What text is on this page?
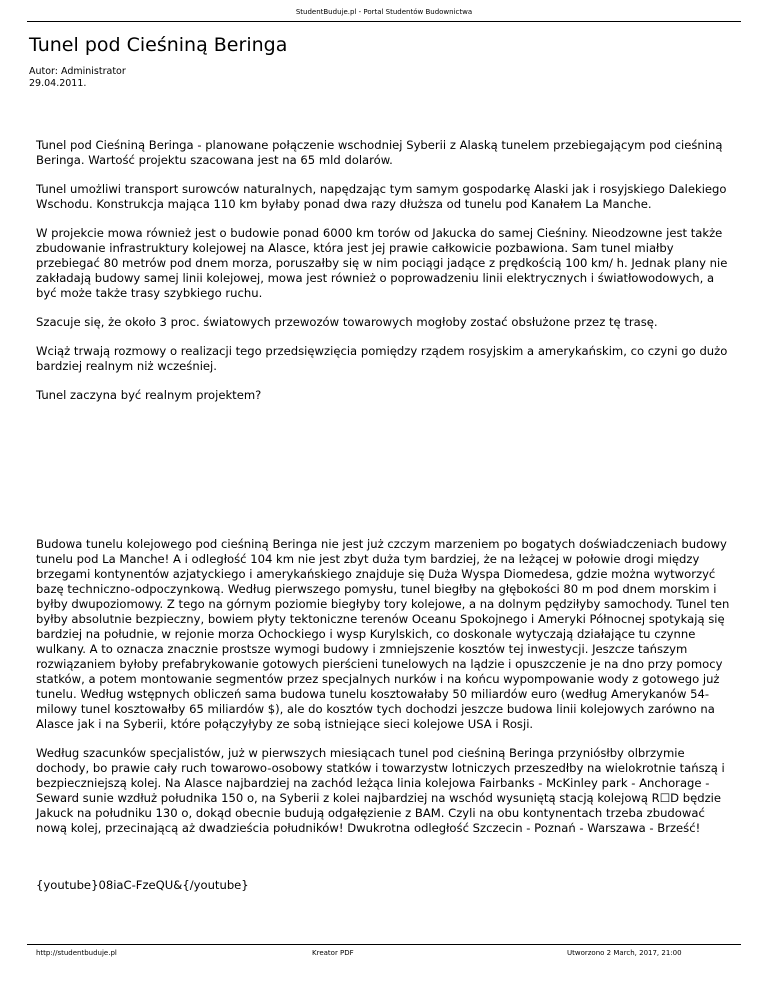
StudentBuduje.pl - Portal Studentów Budownictwa
Tunel pod Cieśniną Beringa
Autor: Administrator
29.04.2011.

Tunel pod Cieśniną Beringa - planowane połączenie wschodniej Syberii z Alaską tunelem przebiegającym pod cieśniną Beringa. Wartość projektu szacowana jest na 65 mld dolarów.

Tunel umożliwi transport surowców naturalnych, napędzając tym samym gospodarkę Alaski jak i rosyjskiego Dalekiego Wschodu. Konstrukcja mająca 110 km byłaby ponad dwa razy dłuższa od tunelu pod Kanałem La Manche.

W projekcie mowa również jest o budowie ponad 6000 km torów od Jakucka do samej Cieśniny. Nieodzowne jest także zbudowanie infrastruktury kolejowej na Alasce, która jest jej prawie całkowicie pozbawiona. Sam tunel miałby przebiegać 80 metrów pod dnem morza, poruszałby się w nim pociągi jadące z prędkością 100 km/ h. Jednak plany nie zakładają budowy samej linii kolejowej, mowa jest również o poprowadzeniu linii elektrycznych i światłowodowych, a być może także trasy szybkiego ruchu.

Szacuje się, że około 3 proc. światowych przewozów towarowych mogłoby zostać obsłużone przez tę trasę.

Wciąż trwają rozmowy o realizacji tego przedsięwzięcia pomiędzy rządem rosyjskim a amerykańskim, co czyni go dużo bardziej realnym niż wcześniej.

Tunel zaczyna być realnym projektem?

Budowa tunelu kolejowego pod cieśniną Beringa nie jest już czczym marzeniem po bogatych doświadczeniach budowy tunelu pod La Manche! A i odległość 104 km nie jest zbyt duża tym bardziej, że na leżącej w połowie drogi między brzegami kontynentów azjatyckiego i amerykańskiego znajduje się Duża Wyspa Diomedesa, gdzie można wytworzyć bazę techniczno-odpoczynkową. Według pierwszego pomysłu, tunel biegłby na głębokości 80 m pod dnem morskim i byłby dwupoziomowy. Z tego na górnym poziomie biegłyby tory kolejowe, a na dolnym pędziłyby samochody. Tunel ten byłby absolutnie bezpieczny, bowiem płyty tektoniczne terenów Oceanu Spokojnego i Ameryki Północnej spotykają się bardziej na południe, w rejonie morza Ochockiego i wysp Kurylskich, co doskonale wytyczają działające tu czynne wulkany. A to oznacza znacznie prostsze wymogi budowy i zmniejszenie kosztów tej inwestycji. Jeszcze tańszym rozwiązaniem byłoby prefabrykowanie gotowych pierścieni tunelowych na lądzie i opuszczenie je na dno przy pomocy statków, a potem montowanie segmentów przez specjalnych nurków i na końcu wypompowanie wody z gotowego już tunelu. Według wstępnych obliczeń sama budowa tunelu kosztowałaby 50 miliardów euro (według Amerykanów 54-milowy tunel kosztowałby 65 miliardów $), ale do kosztów tych dochodzi jeszcze budowa linii kolejowych zarówno na Alasce jak i na Syberii, które połączyłyby ze sobą istniejące sieci kolejowe USA i Rosji.

Według szacunków specjalistów, już w pierwszych miesiącach tunel pod cieśniną Beringa przyniósłby olbrzymie dochody, bo prawie cały ruch towarowo-osobowy statków i towarzystw lotniczych przeszedłby na wielokrotnie tańszą i bezpieczniejszą kolej. Na Alasce najbardziej na zachód leżąca linia kolejowa Fairbanks - McKinley park - Anchorage - Seward sunie wzdłuż południka 150 o, na Syberii z kolei najbardziej na wschód wysuniętą stacją kolejową R☐D będzie Jakuck na południku 130 o, dokąd obecnie budują odgałęzienie z BAM. Czyli na obu kontynentach trzeba zbudować nową kolej, przecinającą aż dwadzieścia południków! Dwukrotna odległość Szczecin - Poznań - Warszawa - Brześć!

{youtube}08iaC-FzeQU&{/youtube}

http://studentbuduje.pl	Kreator PDF	Utworzono 2 March, 2017, 21:00
